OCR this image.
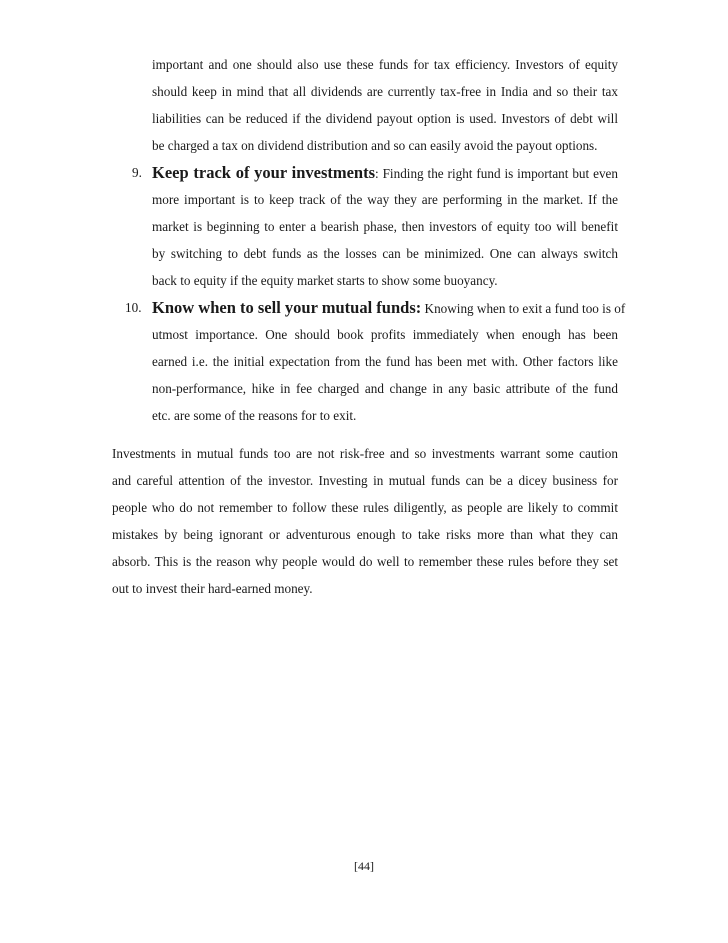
important and one should also use these funds for tax efficiency. Investors of equity
should keep in mind that all dividends are currently tax-free in India and so their tax
liabilities can be reduced if the dividend payout option is used. Investors of debt will
be charged a tax on dividend distribution and so can easily avoid the payout options.
9. Keep track of your investments: Finding the right fund is important but even
more important is to keep track of the way they are performing in the market. If the
market is beginning to enter a bearish phase, then investors of equity too will benefit
by switching to debt funds as the losses can be minimized. One can always switch
back to equity if the equity market starts to show some buoyancy.
10. Know when to sell your mutual funds: Knowing when to exit a fund too is of
utmost importance. One should book profits immediately when enough has been
earned i.e. the initial expectation from the fund has been met with. Other factors like
non-performance, hike in fee charged and change in any basic attribute of the fund
etc. are some of the reasons for to exit.
Investments in mutual funds too are not risk-free and so investments warrant some caution
and careful attention of the investor. Investing in mutual funds can be a dicey business for
people who do not remember to follow these rules diligently, as people are likely to commit
mistakes by being ignorant or adventurous enough to take risks more than what they can
absorb. This is the reason why people would do well to remember these rules before they set
out to invest their hard-earned money.
[44]
